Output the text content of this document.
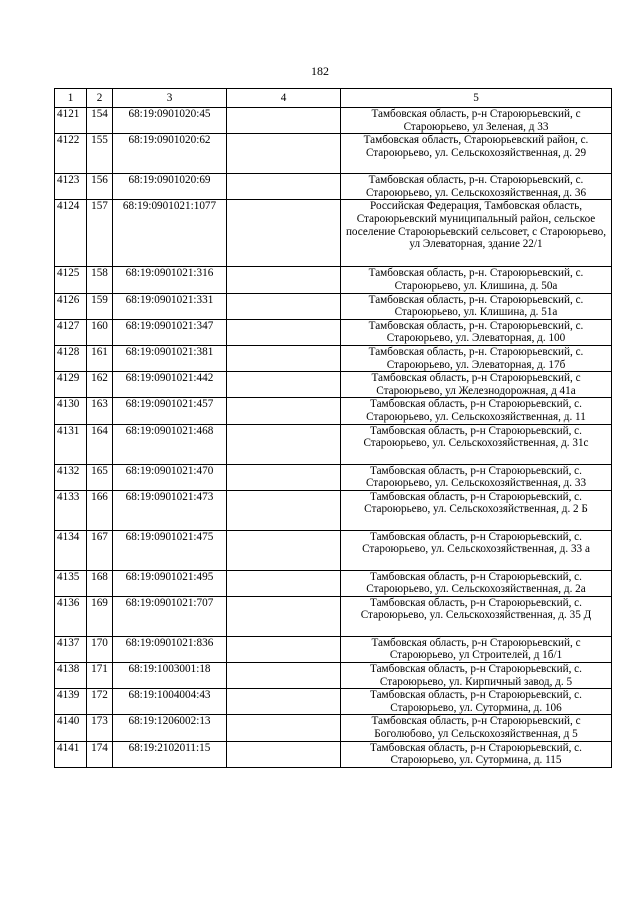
182
1	2	3	4	5
4121	154	68:19:0901020:45		Тамбовская область, р-н Староюрьевский, с Староюрьево, ул Зеленая, д 33
4122	155	68:19:0901020:62		Тамбовская область, Староюрьевский район, с. Староюрьево, ул. Сельскохозяйственная, д. 29
4123	156	68:19:0901020:69		Тамбовская область, р-н. Староюрьевский, с. Староюрьево, ул. Сельскохозяйственная, д. 36
4124	157	68:19:0901021:1077		Российская Федерация, Тамбовская область, Староюрьевский муниципальный район, сельское поселение Староюрьевский сельсовет, с Староюрьево, ул Элеваторная, здание 22/1
4125	158	68:19:0901021:316		Тамбовская область, р-н. Староюрьевский, с. Староюрьево, ул. Клишина, д. 50а
4126	159	68:19:0901021:331		Тамбовская область, р-н. Староюрьевский, с. Староюрьево, ул. Клишина, д. 51а
4127	160	68:19:0901021:347		Тамбовская область, р-н. Староюрьевский, с. Староюрьево, ул. Элеваторная, д. 100
4128	161	68:19:0901021:381		Тамбовская область, р-н. Староюрьевский, с. Староюрьево, ул. Элеваторная, д. 17б
4129	162	68:19:0901021:442		Тамбовская область, р-н Староюрьевский, с Староюрьево, ул Железнодорожная, д 41а
4130	163	68:19:0901021:457		Тамбовская область, р-н Староюрьевский, с. Староюрьево, ул. Сельскохозяйственная, д. 11
4131	164	68:19:0901021:468		Тамбовская область, р-н Староюрьевский, с. Староюрьево, ул. Сельскохозяйственная, д. 31с
4132	165	68:19:0901021:470		Тамбовская область, р-н Староюрьевский, с. Староюрьево, ул. Сельскохозяйственная, д. 33
4133	166	68:19:0901021:473		Тамбовская область, р-н Староюрьевский, с. Староюрьево, ул. Сельскохозяйственная, д. 2 Б
4134	167	68:19:0901021:475		Тамбовская область, р-н Староюрьевский, с. Староюрьево, ул. Сельскохозяйственная, д. 33 а
4135	168	68:19:0901021:495		Тамбовская область, р-н Староюрьевский, с. Староюрьево, ул. Сельскохозяйственная, д. 2а
4136	169	68:19:0901021:707		Тамбовская область, р-н Староюрьевский, с. Староюрьево, ул. Сельскохозяйственная, д. 35 Д
4137	170	68:19:0901021:836		Тамбовская область, р-н Староюрьевский, с Староюрьево, ул Строителей, д 1б/1
4138	171	68:19:1003001:18		Тамбовская область, р-н Староюрьевский, с. Староюрьево, ул. Кирпичный завод, д. 5
4139	172	68:19:1004004:43		Тамбовская область, р-н Староюрьевский, с. Староюрьево, ул. Сутормина, д. 106
4140	173	68:19:1206002:13		Тамбовская область, р-н Староюрьевский, с Боголюбово, ул Сельскохозяйственная, д 5
4141	174	68:19:2102011:15		Тамбовская область, р-н Староюрьевский, с. Староюрьево, ул. Сутормина, д. 115
